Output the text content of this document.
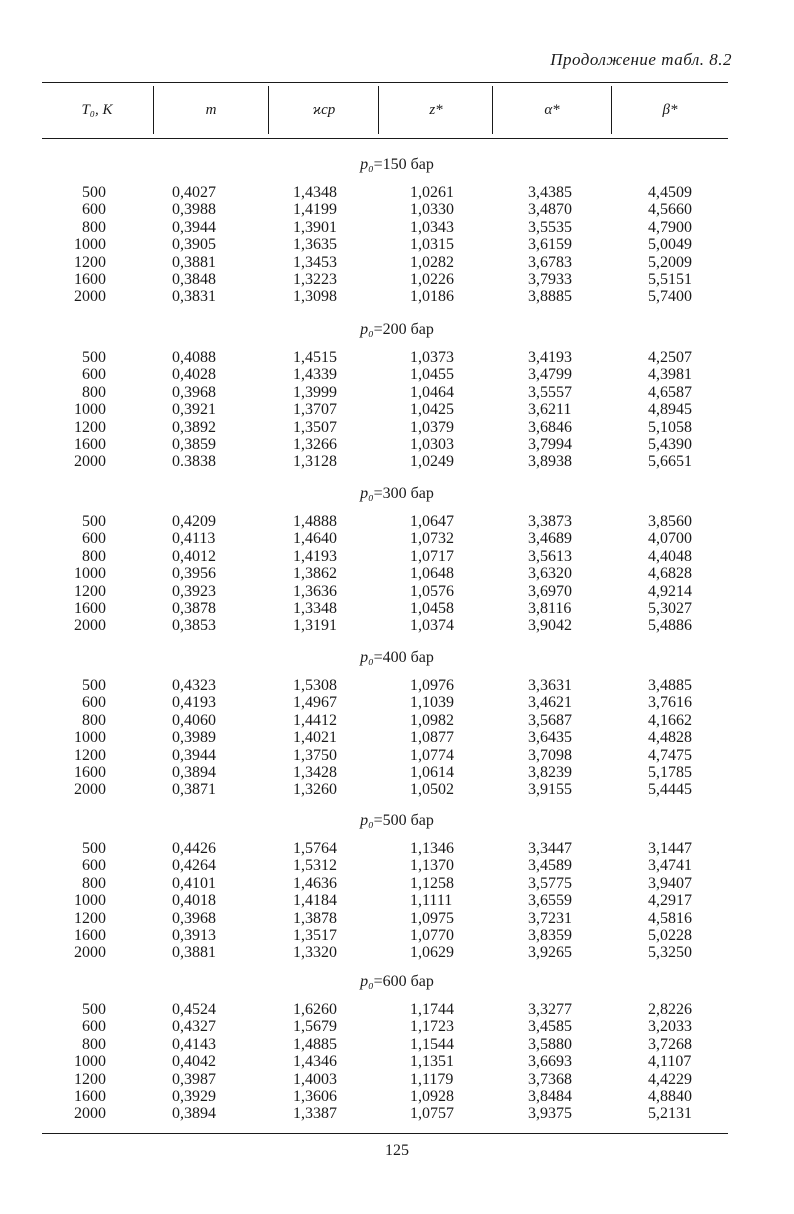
Продолжение табл. 8.2
T₀, K	m	ϰср	z*	α*	β*
p₀=150 бар
500	0,4027	1,4348	1,0261	3,4385	4,4509
600	0,3988	1,4199	1,0330	3,4870	4,5660
800	0,3944	1,3901	1,0343	3,5535	4,7900
1000	0,3905	1,3635	1,0315	3,6159	5,0049
1200	0,3881	1,3453	1,0282	3,6783	5,2009
1600	0,3848	1,3223	1,0226	3,7933	5,5151
2000	0,3831	1,3098	1,0186	3,8885	5,7400
p₀=200 бар
500	0,4088	1,4515	1,0373	3,4193	4,2507
600	0,4028	1,4339	1,0455	3,4799	4,3981
800	0,3968	1,3999	1,0464	3,5557	4,6587
1000	0,3921	1,3707	1,0425	3,6211	4,8945
1200	0,3892	1,3507	1,0379	3,6846	5,1058
1600	0,3859	1,3266	1,0303	3,7994	5,4390
2000	0.3838	1,3128	1,0249	3,8938	5,6651
p₀=300 бар
500	0,4209	1,4888	1,0647	3,3873	3,8560
600	0,4113	1,4640	1,0732	3,4689	4,0700
800	0,4012	1,4193	1,0717	3,5613	4,4048
1000	0,3956	1,3862	1,0648	3,6320	4,6828
1200	0,3923	1,3636	1,0576	3,6970	4,9214
1600	0,3878	1,3348	1,0458	3,8116	5,3027
2000	0,3853	1,3191	1,0374	3,9042	5,4886
p₀=400 бар
500	0,4323	1,5308	1,0976	3,3631	3,4885
600	0,4193	1,4967	1,1039	3,4621	3,7616
800	0,4060	1,4412	1,0982	3,5687	4,1662
1000	0,3989	1,4021	1,0877	3,6435	4,4828
1200	0,3944	1,3750	1,0774	3,7098	4,7475
1600	0,3894	1,3428	1,0614	3,8239	5,1785
2000	0,3871	1,3260	1,0502	3,9155	5,4445
p₀=500 бар
500	0,4426	1,5764	1,1346	3,3447	3,1447
600	0,4264	1,5312	1,1370	3,4589	3,4741
800	0,4101	1,4636	1,1258	3,5775	3,9407
1000	0,4018	1,4184	1,1111	3,6559	4,2917
1200	0,3968	1,3878	1,0975	3,7231	4,5816
1600	0,3913	1,3517	1,0770	3,8359	5,0228
2000	0,3881	1,3320	1,0629	3,9265	5,3250
p₀=600 бар
500	0,4524	1,6260	1,1744	3,3277	2,8226
600	0,4327	1,5679	1,1723	3,4585	3,2033
800	0,4143	1,4885	1,1544	3,5880	3,7268
1000	0,4042	1,4346	1,1351	3,6693	4,1107
1200	0,3987	1,4003	1,1179	3,7368	4,4229
1600	0,3929	1,3606	1,0928	3,8484	4,8840
2000	0,3894	1,3387	1,0757	3,9375	5,2131
125
